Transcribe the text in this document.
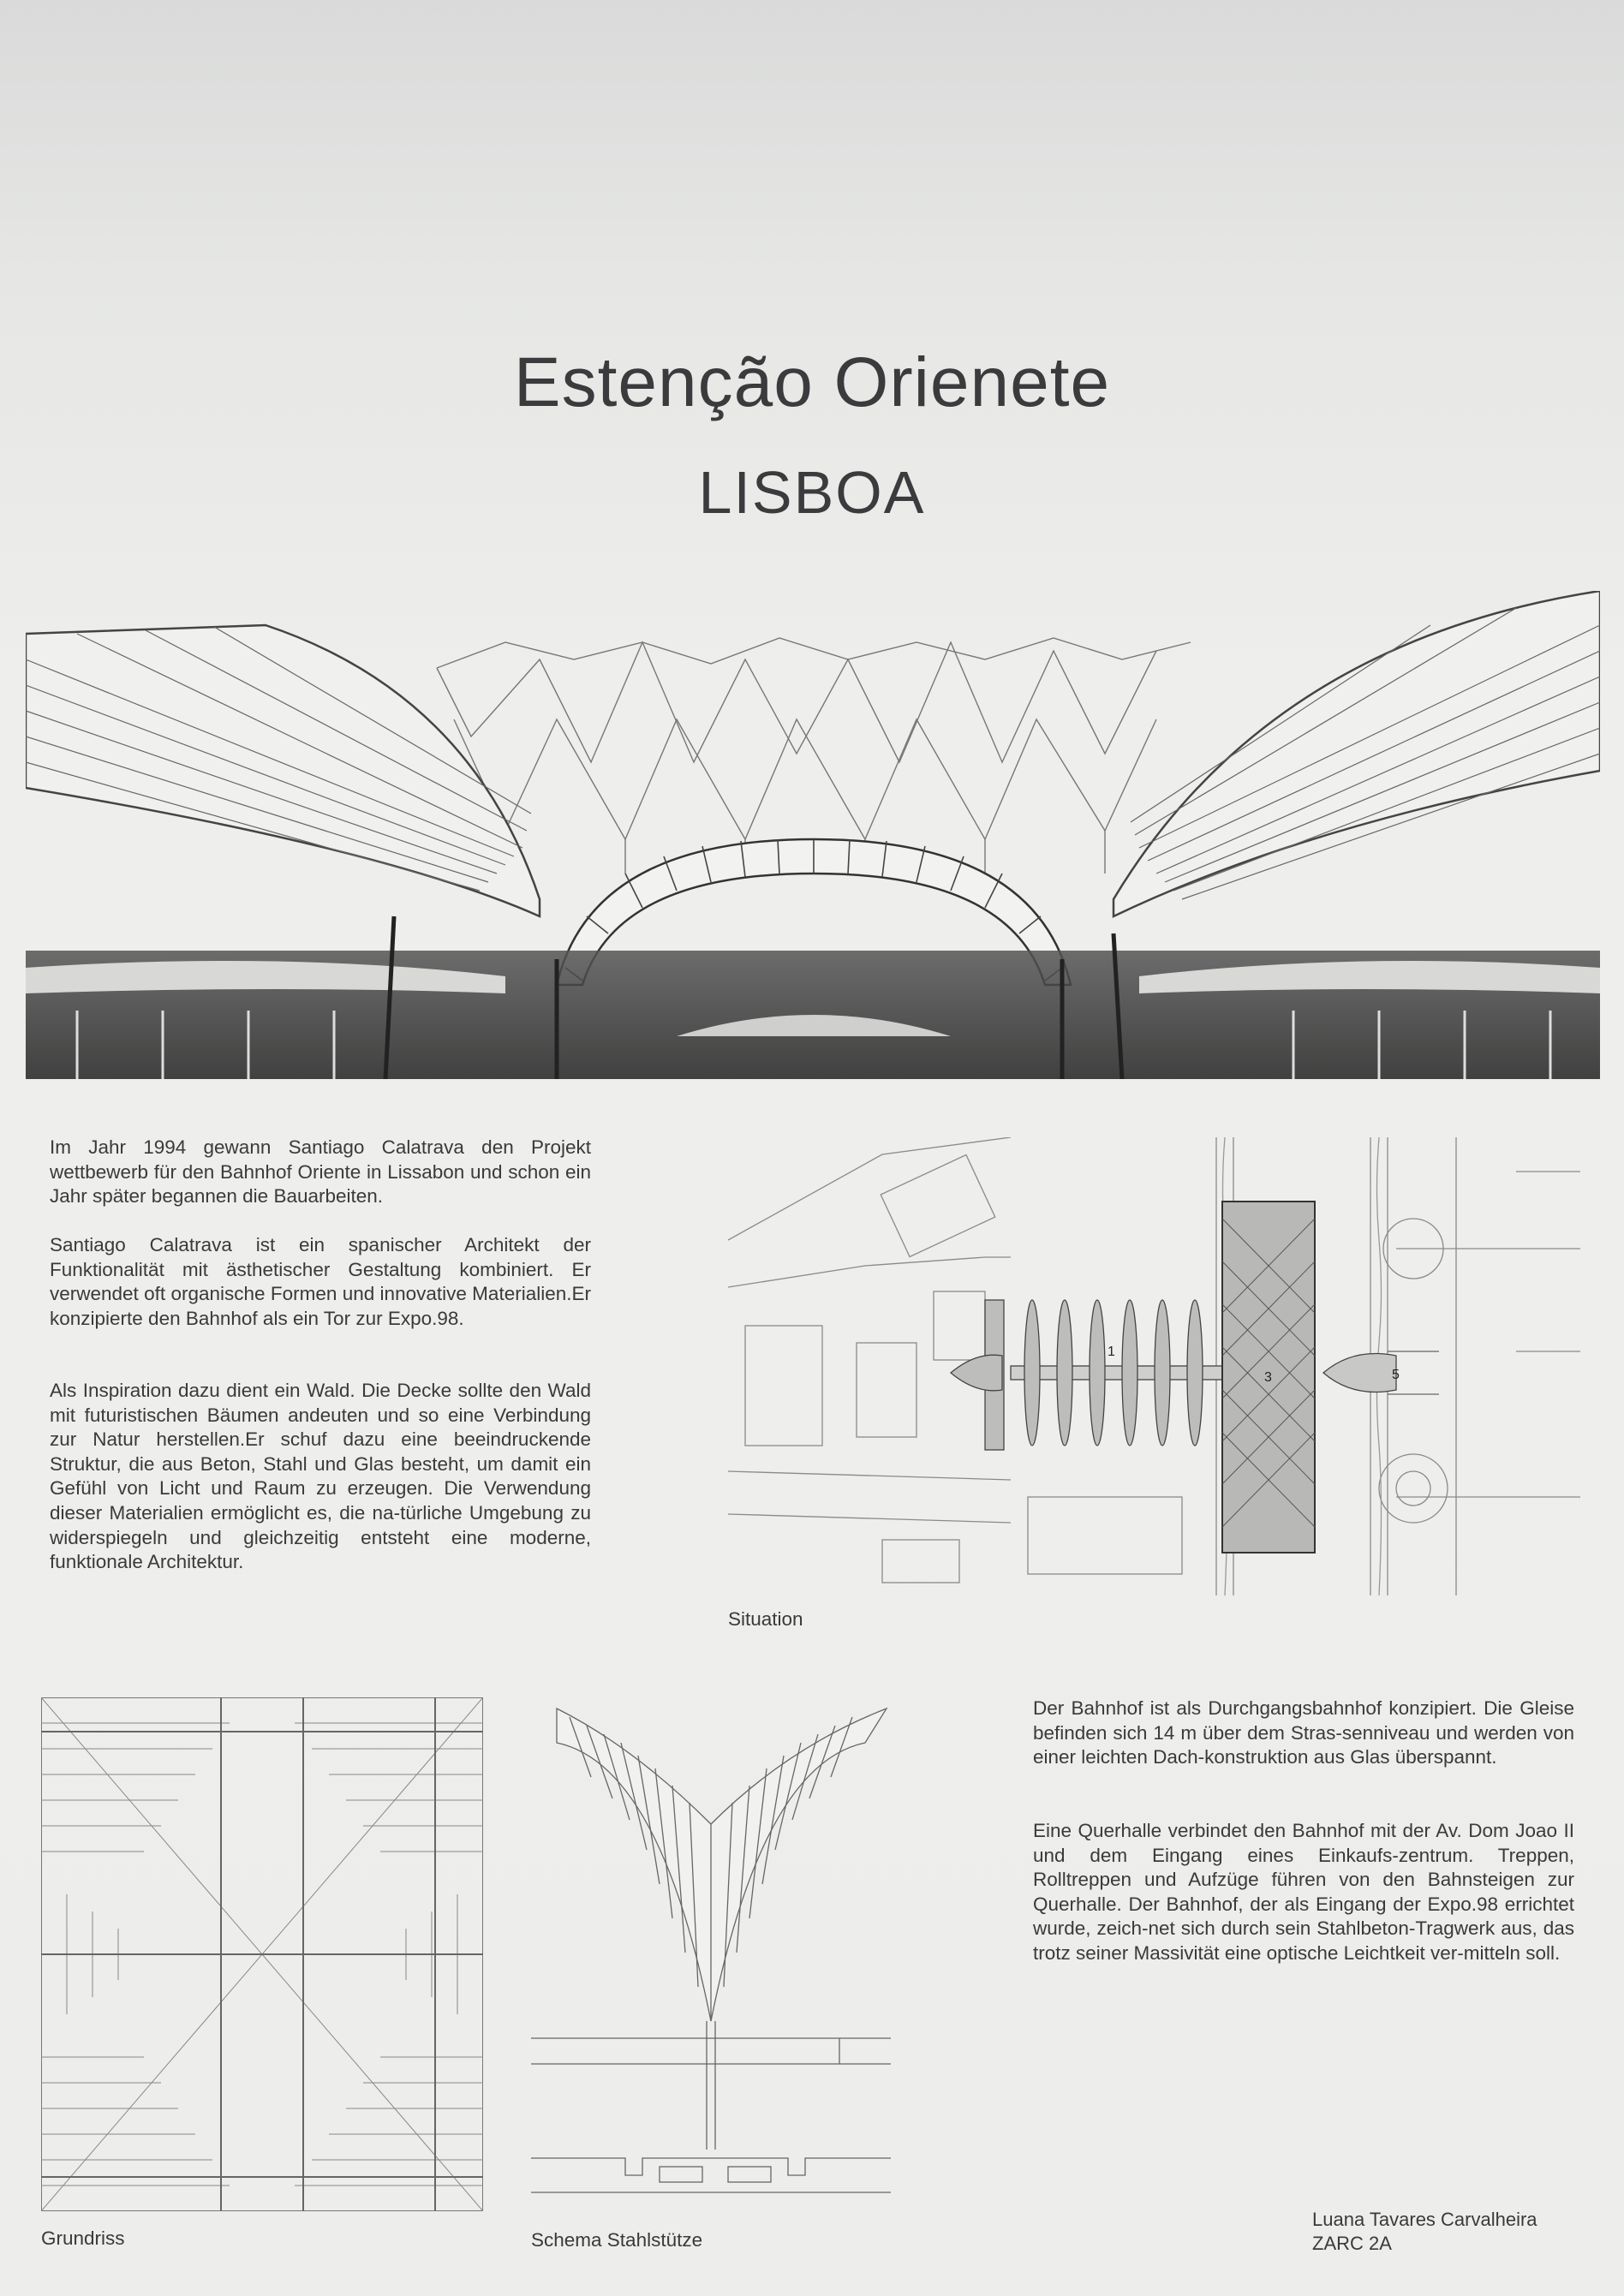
Estenção Orienete
LISBOA

Im Jahr 1994 gewann Santiago Calatrava den Projekt wettbewerb für den Bahnhof Oriente in Lissabon und schon ein Jahr später begannen die Bauarbeiten.

Santiago Calatrava ist ein spanischer Architekt der Funktionalität mit ästhetischer Gestaltung kombiniert. Er verwendet oft organische Formen und innovative Materialien.Er konzipierte den Bahnhof als ein Tor zur Expo.98.

Als Inspiration dazu dient ein Wald. Die Decke sollte den Wald mit futuristischen Bäumen andeuten und so eine Verbindung zur Natur herstellen.Er schuf dazu eine beeindruckende Struktur, die aus Beton, Stahl und Glas besteht, um damit ein Gefühl von Licht und Raum zu erzeugen. Die Verwendung dieser Materialien ermöglicht es, die na-türliche Umgebung zu widerspiegeln und gleichzeitig entsteht eine moderne, funktionale Architektur.

1
3	5

Situation

Grundriss	Schema Stahlstütze

Der Bahnhof ist als Durchgangsbahnhof konzipiert. Die Gleise befinden sich 14 m über dem Stras-senniveau und werden von einer leichten Dach-konstruktion aus Glas überspannt.

Eine Querhalle verbindet den Bahnhof mit der Av. Dom Joao II und dem Eingang eines Einkaufs-zentrum. Treppen, Rolltreppen und Aufzüge führen von den Bahnsteigen zur Querhalle. Der Bahnhof, der als Eingang der Expo.98 errichtet wurde, zeich-net sich durch sein Stahlbeton-Tragwerk aus, das trotz seiner Massivität eine optische Leichtkeit ver-mitteln soll.

Luana Tavares Carvalheira
ZARC 2A
